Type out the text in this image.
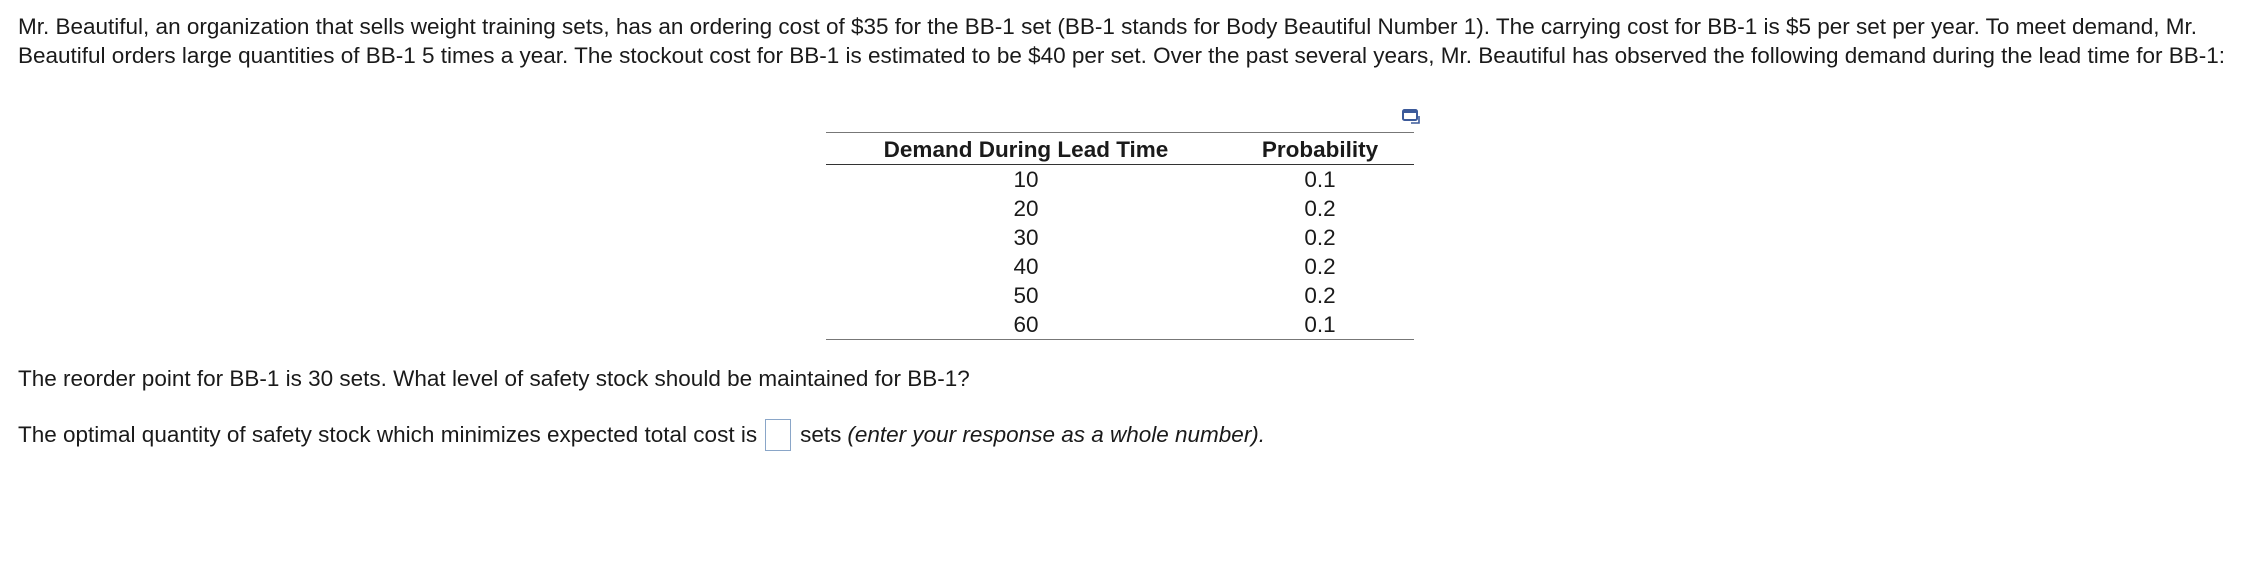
Mr. Beautiful, an organization that sells weight training sets, has an ordering cost of $35 for the BB-1 set (BB-1 stands for Body Beautiful Number 1). The carrying cost for BB-1 is $5 per set per year. To meet demand, Mr. Beautiful orders large quantities of BB-1 5 times a year. The stockout cost for BB-1 is estimated to be $40 per set. Over the past several years, Mr. Beautiful has observed the following demand during the lead time for BB-1:

Demand During Lead Time	Probability
10	0.1
20	0.2
30	0.2
40	0.2
50	0.2
60	0.1

The reorder point for BB-1 is 30 sets. What level of safety stock should be maintained for BB-1?

The optimal quantity of safety stock which minimizes expected total cost is sets (enter your response as a whole number).
